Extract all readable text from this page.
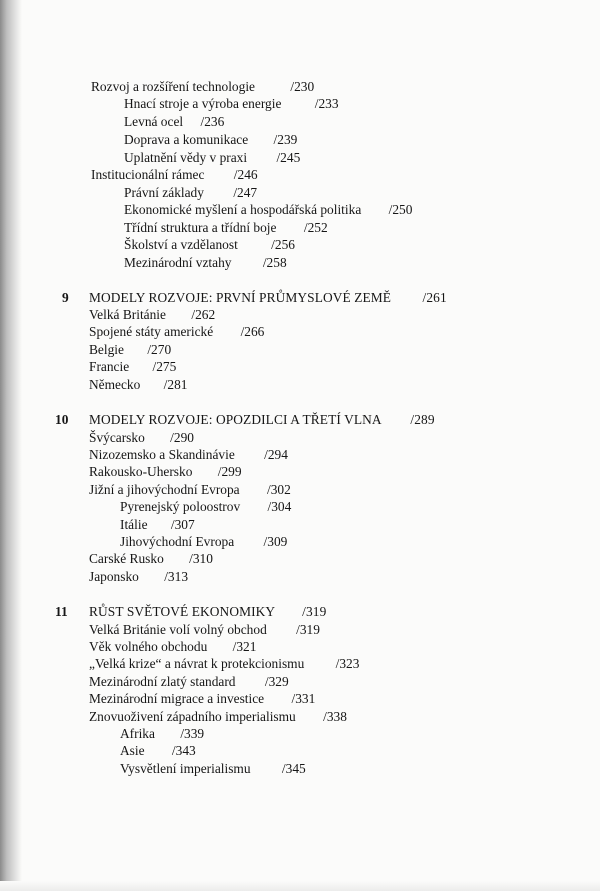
Rozvoj a rozšíření technologie	/230
Hnací stroje a výroba energie /233
Levná ocel /236
Doprava a komunikace /239
Uplatnění vědy v praxi /245
Institucionální rámec /246
Právní základy /247
Ekonomické myšlení a hospodářská politika /250
Třídní struktura a třídní boje /252
Školství a vzdělanost /256
Mezinárodní vztahy /258
9 MODELY ROZVOJE: PRVNÍ PRŮMYSLOVÉ ZEMĚ /261
Velká Británie /262
Spojené státy americké /266
Belgie /270
Francie /275
Německo /281
10 MODELY ROZVOJE: OPOZDILCI A TŘETÍ VLNA /289
Švýcarsko /290
Nizozemsko a Skandinávie /294
Rakousko-Uhersko /299
Jižní a jihovýchodní Evropa /302
Pyrenejský poloostrov /304
Itálie /307
Jihovýchodní Evropa /309
Carské Rusko /310
Japonsko /313
11 RŮST SVĚTOVÉ EKONOMIKY /319
Velká Británie volí volný obchod /319
Věk volného obchodu /321
„Velká krize“ a návrat k protekcionismu /323
Mezinárodní zlatý standard /329
Mezinárodní migrace a investice /331
Znovuoživení západního imperialismu /338
Afrika /339
Asie /343
Vysvětlení imperialismu /345
